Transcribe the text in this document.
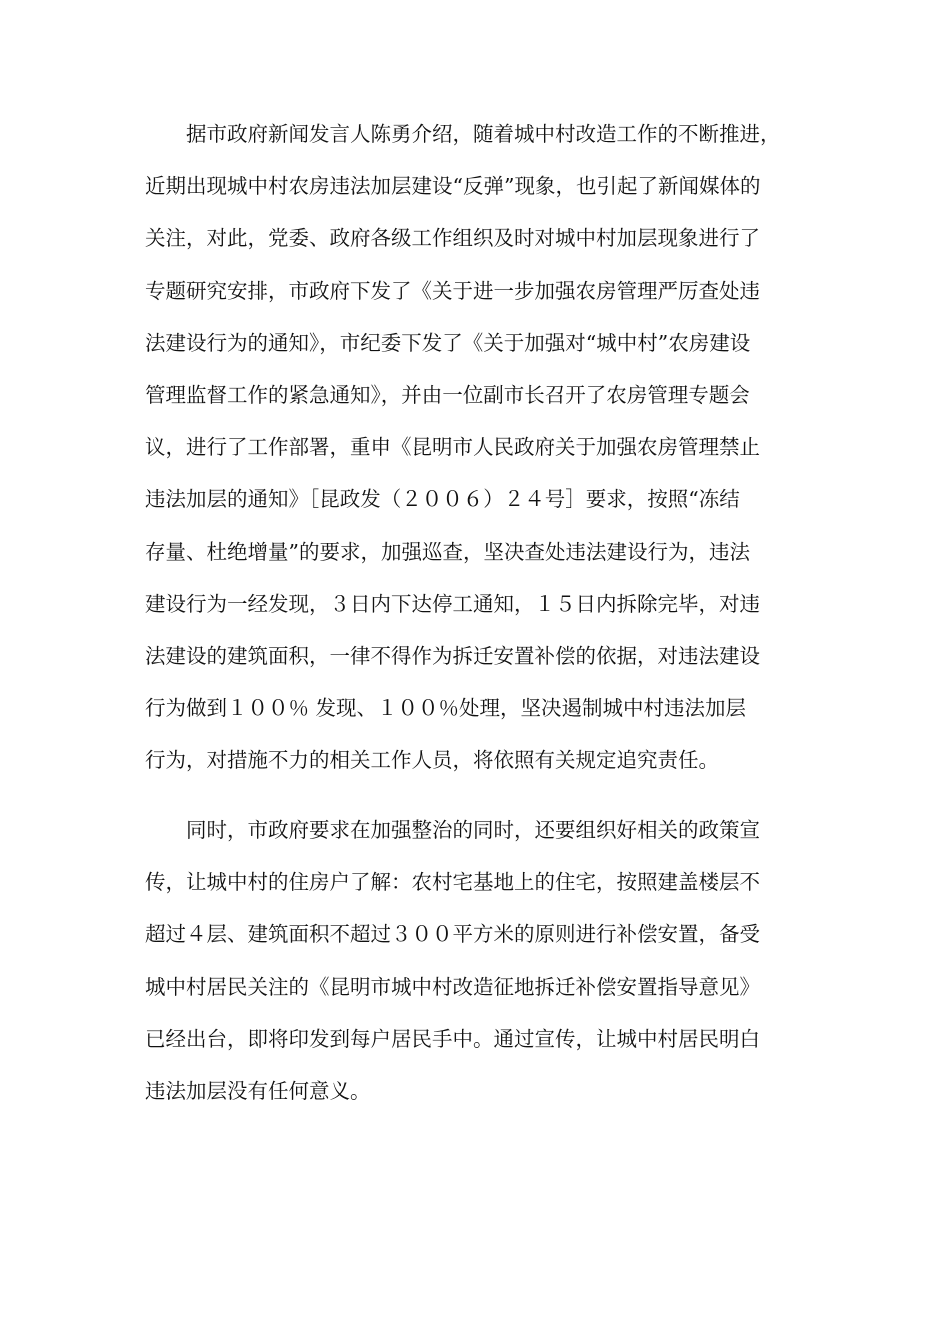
据市政府新闻发言人陈勇介绍，随着城中村改造工作的不断推进，
近期出现城中村农房违法加层建设“反弹”现象，也引起了新闻媒体的
关注，对此，党委、政府各级工作组织及时对城中村加层现象进行了
专题研究安排，市政府下发了《关于进一步加强农房管理严厉查处违
法建设行为的通知》，市纪委下发了《关于加强对“城中村”农房建设
管理监督工作的紧急通知》，并由一位副市长召开了农房管理专题会
议，进行了工作部署，重申《昆明市人民政府关于加强农房管理禁止
违法加层的通知》［昆政发（２００６）２４号］要求，按照“冻结
存量、杜绝增量”的要求，加强巡查，坚决查处违法建设行为，违法
建设行为一经发现，３日内下达停工通知，１５日内拆除完毕，对违
法建设的建筑面积，一律不得作为拆迁安置补偿的依据，对违法建设
行为做到１００％ 发现、１００％处理，坚决遏制城中村违法加层
行为，对措施不力的相关工作人员，将依照有关规定追究责任。
同时，市政府要求在加强整治的同时，还要组织好相关的政策宣
传，让城中村的住房户了解：农村宅基地上的住宅，按照建盖楼层不
超过４层、建筑面积不超过３００平方米的原则进行补偿安置，备受
城中村居民关注的《昆明市城中村改造征地拆迁补偿安置指导意见》
已经出台，即将印发到每户居民手中。通过宣传，让城中村居民明白
违法加层没有任何意义。
